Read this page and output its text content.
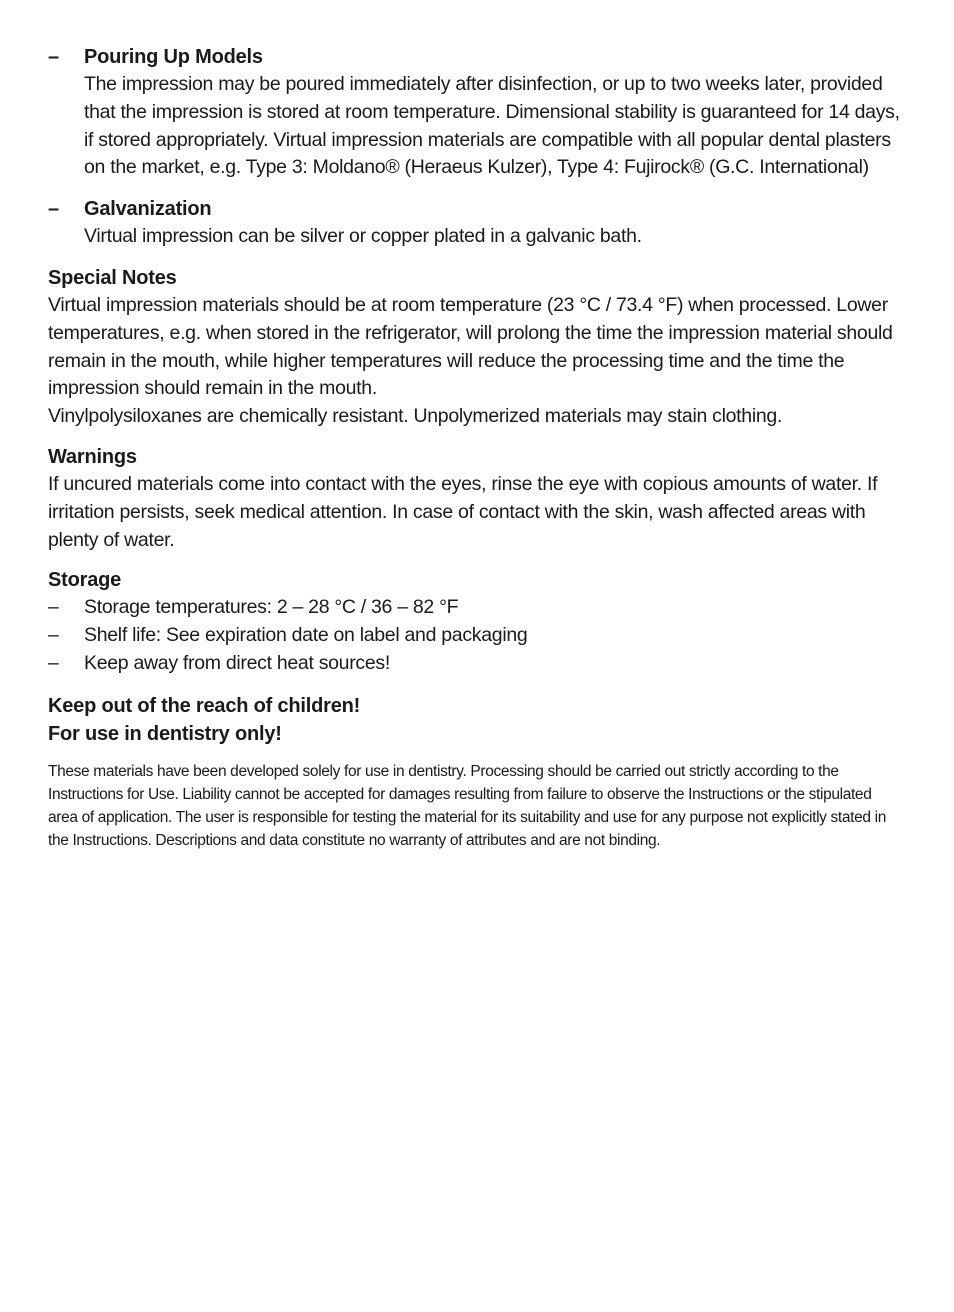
– Pouring Up Models

The impression may be poured immediately after disinfection, or up to two weeks later, provided that the impression is stored at room temperature. Dimensional stability is guaranteed for 14 days, if stored appropriately. Virtual impression materials are compatible with all popular dental plasters on the market, e.g. Type 3: Moldano® (Heraeus Kulzer), Type 4: Fujirock® (G.C. International)

– Galvanization

Virtual impression can be silver or copper plated in a galvanic bath.

Special Notes

Virtual impression materials should be at room temperature (23 °C / 73.4 °F) when processed. Lower temperatures, e.g. when stored in the refrigerator, will prolong the time the impression material should remain in the mouth, while higher temperatures will reduce the processing time and the time the impression should remain in the mouth.

Vinylpolysiloxanes are chemically resistant. Unpolymerized materials may stain clothing.

Warnings

If uncured materials come into contact with the eyes, rinse the eye with copious amounts of water. If irritation persists, seek medical attention. In case of contact with the skin, wash affected areas with plenty of water.

Storage
– Storage temperatures: 2 – 28 °C / 36 – 82 °F
– Shelf life: See expiration date on label and packaging
– Keep away from direct heat sources!
Keep out of the reach of children!
For use in dentistry only!

These materials have been developed solely for use in dentistry. Processing should be carried out strictly according to the Instructions for Use. Liability cannot be accepted for damages resulting from failure to observe the Instructions or the stipulated area of application. The user is responsible for testing the material for its suitability and use for any purpose not explicitly stated in the Instructions. Descriptions and data constitute no warranty of attributes and are not binding.
